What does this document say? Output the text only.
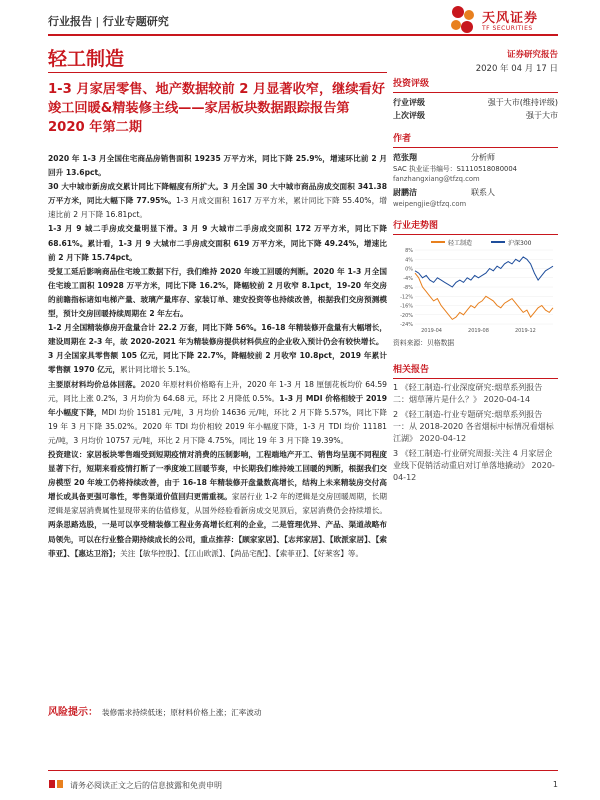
行业报告 | 行业专题研究	天风证券
TF SECURITIES
轻工制造	证券研究报告
2020 年 04 月 17 日
1-3 月家居零售、地产数据较前 2 月显著收窄，继续看好竣工回暖&精装修主线——家居板块数据跟踪报告第 2020 年第二期

2020 年 1-3 月全国住宅商品房销售面积 19235 万平方米，同比下降 25.9%，增速环比前 2 月回升 13.6pct。

30 大中城市新房成交累计同比下降幅度有所扩大。3 月全国 30 大中城市商品房成交面积 341.38 万平方米，同比大幅下降 77.95%。1-3 月成交面积 1617 万平方米，累计同比下降 55.40%，增速比前 2 月下降 16.81pct。

1-3 月 9 城二手房成交量明显下滑。3 月 9 大城市二手房成交面积 172 万平方米，同比下降 68.61%。累计看，1-3 月 9 大城市二手房成交面积 619 万平方米，同比下降 49.24%，增速比前 2 月下降 15.74pct。

受复工延后影响商品住宅竣工数据下行，我们维持 2020 年竣工回暖的判断。2020 年 1-3 月全国住宅竣工面积 10928 万平方米，同比下降 16.2%，降幅较前 2 月收窄 8.1pct，19-20 年交房的前瞻指标诸如电梯产量、玻璃产量库存、家装订单、建安投资等也持续改善，根据我们交房预测模型，预计交房回暖持续周期在 2 年左右。

1-2 月全国精装修房开盘量合计 22.2 万套，同比下降 56%。16-18 年精装修开盘量有大幅增长，建设周期在 2-3 年，故 2020-2021 年为精装修房提供材料供应的企业收入预计仍会有较快增长。

3 月全国家具零售额 105 亿元，同比下降 22.7%，降幅较前 2 月收窄 10.8pct，2019 年累计零售额 1970 亿元，累计同比增长 5.1%。

主要原材料均价总体回落。2020 年原材料价格略有上升，2020 年 1-3 月 18 厘刨花板均价 64.59 元，同比上涨 0.2%，3 月均价为 64.68 元，环比 2 月降低 0.5%。1-3 月 MDI 价格相较于 2019 年小幅度下降，MDI 均价 15181 元/吨，3 月均价 14636 元/吨，环比 2 月下降 5.57%，同比下降 19 年 3 月下降 35.02%。2020 年 TDI 均价相较 2019 年小幅度下降，1-3 月 TDI 均价 11181 元/吨，3 月均价 10757 元/吨，环比 2 月下降 4.75%，同比 19 年 3 月下降 19.39%。

投资建议：家居板块零售端受到短期疫情对消费的压制影响，工程端地产开工、销售均呈现不同程度显著下行，短期来看疫情打断了一季度竣工回暖节奏，中长期我们维持竣工回暖的判断，根据我们交房模型 20 年竣工仍将持续改善，由于 16-18 年精装修开盘量数高增长，结构上未来精装房交付高增长或具备更强可靠性，零售渠道价值回归更需重视。家居行业 1-2 年的逻辑是交房回暖周期，长期逻辑是家居消费属性显现带来的估值修复，从国外经验看新房成交见顶后，家居消费仍会持续增长。两条思路选股，一是可以享受精装修工程业务高增长红利的企业，二是管理优异、产品、渠道战略布局领先，可以在行业整合期持续成长的公司，重点推荐：【顾家家居】、【志邦家居】、【欧派家居】、【索菲亚】、【惠达卫浴】；关注【敏华控股】、【江山欧派】、【尚品宅配】、【索菲亚】、【好莱客】等。

风险提示： 装修需求持续低迷；原材料价格上涨；汇率波动
投资评级
行业评级	强于大市(维持评级)
上次评级	强于大市
作者
范张翔	分析师
SAC 执业证书编号：S1110518080004
fanzhangxiang@tfzq.com
尉鹏洁	联系人
weipengjie@tfzq.com
行业走势图
轻工制造	沪深300
8%
4%
0%
-4%
-8%
-12%
-16%
-20%
-24%
2019-04	2019-08	2019-12
资料来源：贝格数据
相关报告
1 《轻工制造-行业深度研究:烟草系列报告二：烟草薄片是什么？》 2020-04-14
2 《轻工制造-行业专题研究:烟草系列报告一：从 2018-2020 各省烟标中标情况看烟标江湖》 2020-04-12
3 《轻工制造-行业研究周报:关注 4 月家居企业线下促销活动重启对订单落地撬动》 2020-04-12
请务必阅读正文之后的信息披露和免责申明	1
